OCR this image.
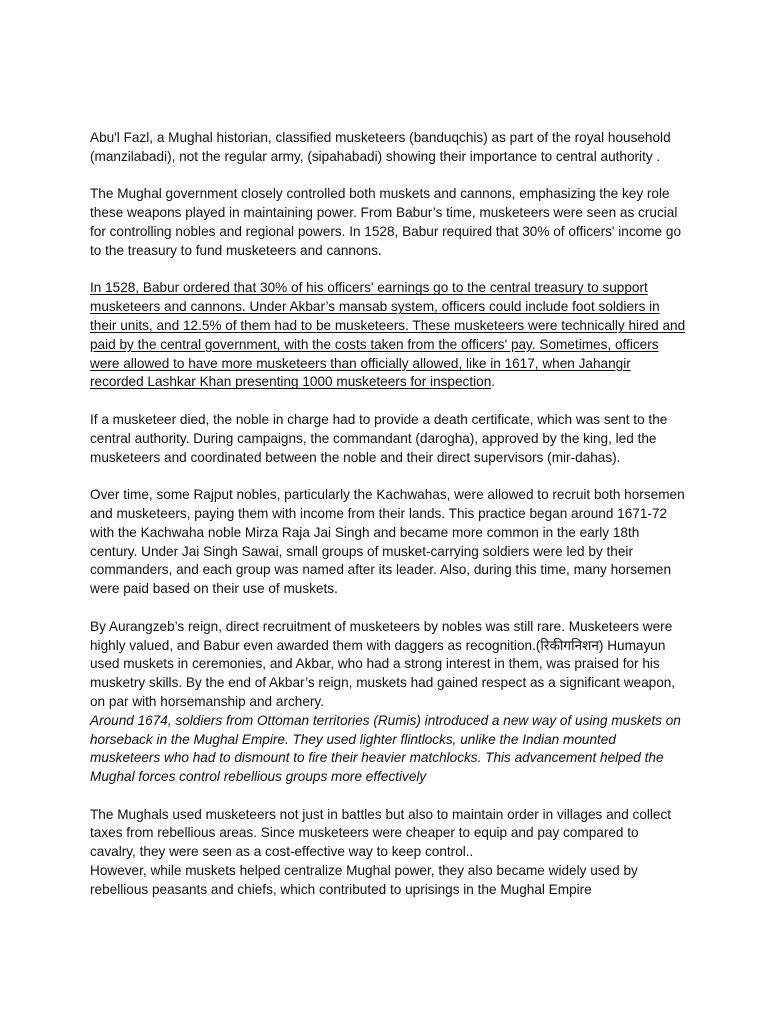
Abu'l Fazl, a Mughal historian, classified musketeers (banduqchis) as part of the royal household (manzilabadi), not the regular army, (sipahabadi) showing their importance to central authority .

The Mughal government closely controlled both muskets and cannons, emphasizing the key role these weapons played in maintaining power. From Babur’s time, musketeers were seen as crucial for controlling nobles and regional powers. In 1528, Babur required that 30% of officers' income go to the treasury to fund musketeers and cannons.

In 1528, Babur ordered that 30% of his officers' earnings go to the central treasury to support musketeers and cannons. Under Akbar’s mansab system, officers could include foot soldiers in their units, and 12.5% of them had to be musketeers. These musketeers were technically hired and paid by the central government, with the costs taken from the officers' pay. Sometimes, officers were allowed to have more musketeers than officially allowed, like in 1617, when Jahangir recorded Lashkar Khan presenting 1000 musketeers for inspection.

If a musketeer died, the noble in charge had to provide a death certificate, which was sent to the central authority. During campaigns, the commandant (darogha), approved by the king, led the musketeers and coordinated between the noble and their direct supervisors (mir-dahas).

Over time, some Rajput nobles, particularly the Kachwahas, were allowed to recruit both horsemen and musketeers, paying them with income from their lands. This practice began around 1671-72 with the Kachwaha noble Mirza Raja Jai Singh and became more common in the early 18th century. Under Jai Singh Sawai, small groups of musket-carrying soldiers were led by their commanders, and each group was named after its leader. Also, during this time, many horsemen were paid based on their use of muskets.

By Aurangzeb’s reign, direct recruitment of musketeers by nobles was still rare. Musketeers were highly valued, and Babur even awarded them with daggers as recognition.(रिकीगनिशन) Humayun used muskets in ceremonies, and Akbar, who had a strong interest in them, was praised for his musketry skills. By the end of Akbar’s reign, muskets had gained respect as a significant weapon, on par with horsemanship and archery.

Around 1674, soldiers from Ottoman territories (Rumis) introduced a new way of using muskets on horseback in the Mughal Empire. They used lighter flintlocks, unlike the Indian mounted musketeers who had to dismount to fire their heavier matchlocks. This advancement helped the Mughal forces control rebellious groups more effectively

The Mughals used musketeers not just in battles but also to maintain order in villages and collect taxes from rebellious areas. Since musketeers were cheaper to equip and pay compared to cavalry, they were seen as a cost-effective way to keep control..

However, while muskets helped centralize Mughal power, they also became widely used by rebellious peasants and chiefs, which contributed to uprisings in the Mughal Empire
